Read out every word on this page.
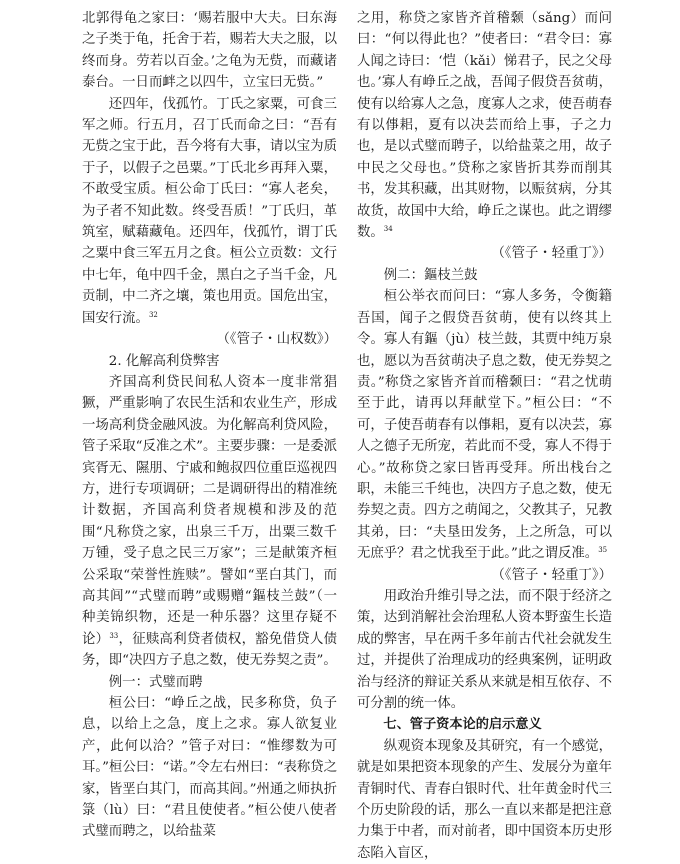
北郭得龟之家曰：‘赐若服中大夫。曰东海之子类于龟，托舍于若，赐若大夫之服，以终而身。劳若以百金。’之龟为无赀，而藏诸泰台。一日而衅之以四牛，立宝曰无赀。”

还四年，伐孤竹。丁氏之家粟，可食三军之师。行五月，召丁氏而命之曰：“吾有无赀之宝于此，吾今将有大事，请以宝为质于子，以假子之邑粟。”丁氏北乡再拜入粟，不敢受宝质。桓公命丁氏曰：“寡人老矣，为子者不知此数。终受吾质！”丁氏归，革筑室，赋藉藏龟。还四年，伐孤竹，谓丁氏之粟中食三军五月之食。桓公立贡数：文行中七年，龟中四千金，黑白之子当千金，凡贡制，中二齐之壤，策也用贡。国危出宝，国安行流。$^{32}$

（《管子・山权数》）

2. 化解高利贷弊害

齐国高利贷民间私人资本一度非常猖獗，严重影响了农民生活和农业生产，形成一场高利贷金融风波。为化解高利贷风险，管子采取“反准之术”。主要步骤：一是委派宾胥无、隰朋、宁戚和鲍叔四位重臣巡视四方，进行专项调研；二是调研得出的精准统计数据，齐国高利贷者规模和涉及的范围“凡称贷之家，出泉三千万，出粟三数千万锺，受子息之民三万家”；三是献策齐桓公采取“荣誉性旌赎”。譬如“垩白其门，而高其闾”“式璧而聘”或赐赠“鏂枝兰鼓”（一种美锦织物，还是一种乐器？这里存疑不论）$^{33}$，征赎高利贷者债权，豁免借贷人债务，即“决四方子息之数，使无券契之责”。

例一：式璧而聘

桓公曰：“峥丘之战，民多称贷，负子息，以给上之急，度上之求。寡人欲复业产，此何以洽？”管子对曰：“惟缪数为可耳。”桓公曰：“诺。”令左右州曰：“表称贷之家，皆垩白其门，而高其闾。”州通之师执折箓（lù）曰：“君且使使者。”桓公使八使者式璧而聘之，以给盐菜

之用，称贷之家皆齐首稽颡（sǎng）而问曰：“何以得此也？”使者曰：“君令曰：寡人闻之诗曰：‘恺（kǎi）悌君子，民之父母也。’寡人有峥丘之战，吾闻子假贷吾贫萌，使有以给寡人之急，度寡人之求，使吾萌春有以倳耜，夏有以决芸而给上事，子之力也，是以式璧而聘子，以给盐菜之用，故子中民之父母也。”贷称之家皆折其券而削其书，发其积藏，出其财物，以赈贫病，分其故货，故国中大给，峥丘之谋也。此之谓缪数。$^{34}$

（《管子・轻重丁》）

例二：鏂枝兰鼓

桓公举衣而问曰：“寡人多务，令衡籍吾国，闻子之假贷吾贫萌，使有以终其上令。寡人有鏂（jù）枝兰鼓，其贾中纯万泉也，愿以为吾贫萌决子息之数，使无券契之责。”称贷之家皆齐首而稽颡曰：“君之忧萌至于此，请再以拜献堂下。”桓公曰：“不可，子使吾萌春有以倳耜，夏有以决芸，寡人之德子无所宠，若此而不受，寡人不得于心。”故称贷之家曰皆再受拜。所出栈台之职，未能三千纯也，决四方子息之数，使无券契之责。四方之萌闻之，父教其子，兄教其弟，曰：“夫垦田发务，上之所急，可以无庶乎？君之忧我至于此。”此之谓反准。$^{35}$

（《管子・轻重丁》）

用政治升维引导之法，而不限于经济之策，达到消解社会治理私人资本野蛮生长造成的弊害，早在两千多年前古代社会就发生过，并提供了治理成功的经典案例，证明政治与经济的辩证关系从来就是相互依存、不可分割的统一体。

七、管子资本论的启示意义

纵观资本现象及其研究，有一个感觉，就是如果把资本现象的产生、发展分为童年青铜时代、青春白银时代、壮年黄金时代三个历史阶段的话，那么一直以来都是把注意力集于中者，而对前者，即中国资本历史形态陷入盲区，
